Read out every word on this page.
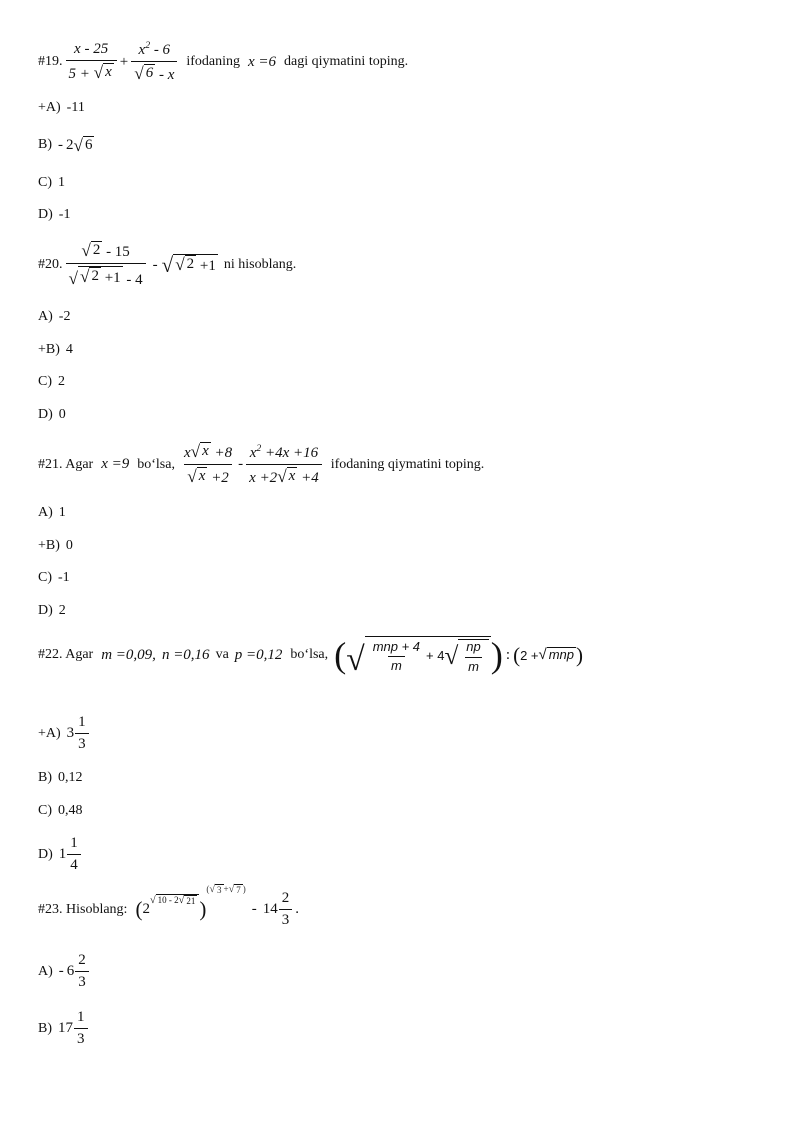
#19. $\frac{x - 25}{5 + √ x} + \frac{x^2 - 6}{√ 6 - x}$ ifodaning x =6 dagi qiymatini toping.
+A) -11
B) - 2 √ 6
C) 1
D) -1
#20. $\frac{√ 2 - 15}{√ √ 2 +1 - 4}$ - √ √ 2 +1 ni hisoblang.
A) -2
+B) 4
C) 2
D) 0
#21. Agar x =9 bo‘lsa, $\frac{x √ x +8}{√ x +2} - \frac{x^2 +4x +16}{x +2 √ x +4}$ ifodaning qiymatini toping.
A) 1
+B) 0
C) -1
D) 2
#22. Agar m =0,09, n =0,16 va p =0,12 bo‘lsa, ( √ $\frac{\text{mnp + 4}}{m} + 4$ √ $\frac{np}{m}$ ) : ( 2 + √ mnp )
+A) $3 \frac{1}{3}$
B) 0,12
C) 0,48
D) $1 \frac{1}{4}$
#23. Hisoblang: ( 2
√ 10 - 2 √ 21 )
( √ 3 + √ 7 )
- $14 \frac{2}{3}$ .
$A) - 6 \frac{2}{3}$
B) $17 \frac{1}{3}$
